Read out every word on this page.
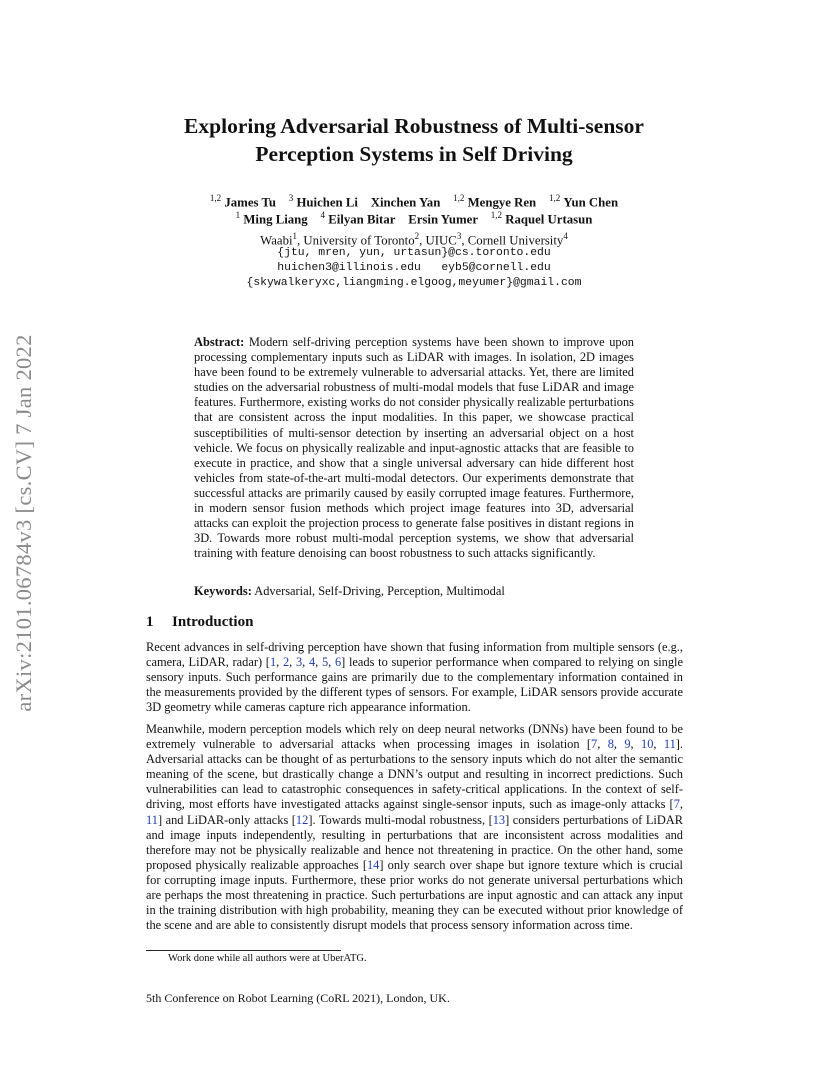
arXiv:2101.06784v3 [cs.CV] 7 Jan 2022
Exploring Adversarial Robustness of Multi-sensor
Perception Systems in Self Driving
$^{1,2}$ James Tu $^3$ Huichen Li Xinchen Yan $^{1,2}$ Mengye Ren $^{1,2}$ Yun Chen
$^1$ Ming Liang $^4$ Eilyan Bitar Ersin Yumer $^{1,2}$ Raquel Urtasun
Waabi$^1$, University of Toronto$^2$, UIUC$^3$, Cornell University$^4$
{jtu, mren, yun, urtasun}@cs.toronto.edu
huichen3@illinois.edu   eyb5@cornell.edu
{skywalkeryxc,liangming.elgoog,meyumer}@gmail.com
Abstract: Modern self-driving perception systems have been shown to improve upon processing complementary inputs such as LiDAR with images. In isolation, 2D images have been found to be extremely vulnerable to adversarial attacks. Yet, there are limited studies on the adversarial robustness of multi-modal models that fuse LiDAR and image features. Furthermore, existing works do not consider physically realizable perturbations that are consistent across the input modalities. In this paper, we showcase practical susceptibilities of multi-sensor detection by inserting an adversarial object on a host vehicle. We focus on physically realizable and input-agnostic attacks that are feasible to execute in practice, and show that a single universal adversary can hide different host vehicles from state-of-the-art multi-modal detectors. Our experiments demonstrate that successful attacks are primarily caused by easily corrupted image features. Furthermore, in modern sensor fusion methods which project image features into 3D, adversarial attacks can exploit the projection process to generate false positives in distant regions in 3D. Towards more robust multi-modal perception systems, we show that adversarial training with feature denoising can boost robustness to such attacks significantly.
Keywords: Adversarial, Self-Driving, Perception, Multimodal
1 Introduction
Recent advances in self-driving perception have shown that fusing information from multiple sensors (e.g., camera, LiDAR, radar) [1, 2, 3, 4, 5, 6] leads to superior performance when compared to relying on single sensory inputs. Such performance gains are primarily due to the complementary information contained in the measurements provided by the different types of sensors. For example, LiDAR sensors provide accurate 3D geometry while cameras capture rich appearance information.
Meanwhile, modern perception models which rely on deep neural networks (DNNs) have been found to be extremely vulnerable to adversarial attacks when processing images in isolation [7, 8, 9, 10, 11]. Adversarial attacks can be thought of as perturbations to the sensory inputs which do not alter the semantic meaning of the scene, but drastically change a DNN’s output and resulting in incorrect predictions. Such vulnerabilities can lead to catastrophic consequences in safety-critical applications. In the context of self-driving, most efforts have investigated attacks against single-sensor inputs, such as image-only attacks [7, 11] and LiDAR-only attacks [12]. Towards multi-modal robustness, [13] considers perturbations of LiDAR and image inputs independently, resulting in perturbations that are inconsistent across modalities and therefore may not be physically realizable and hence not threatening in practice. On the other hand, some proposed physically realizable approaches [14] only search over shape but ignore texture which is crucial for corrupting image inputs. Furthermore, these prior works do not generate universal perturbations which are perhaps the most threatening in practice. Such perturbations are input agnostic and can attack any input in the training distribution with high probability, meaning they can be executed without prior knowledge of the scene and are able to consistently disrupt models that process sensory information across time.
Work done while all authors were at UberATG.
5th Conference on Robot Learning (CoRL 2021), London, UK.
